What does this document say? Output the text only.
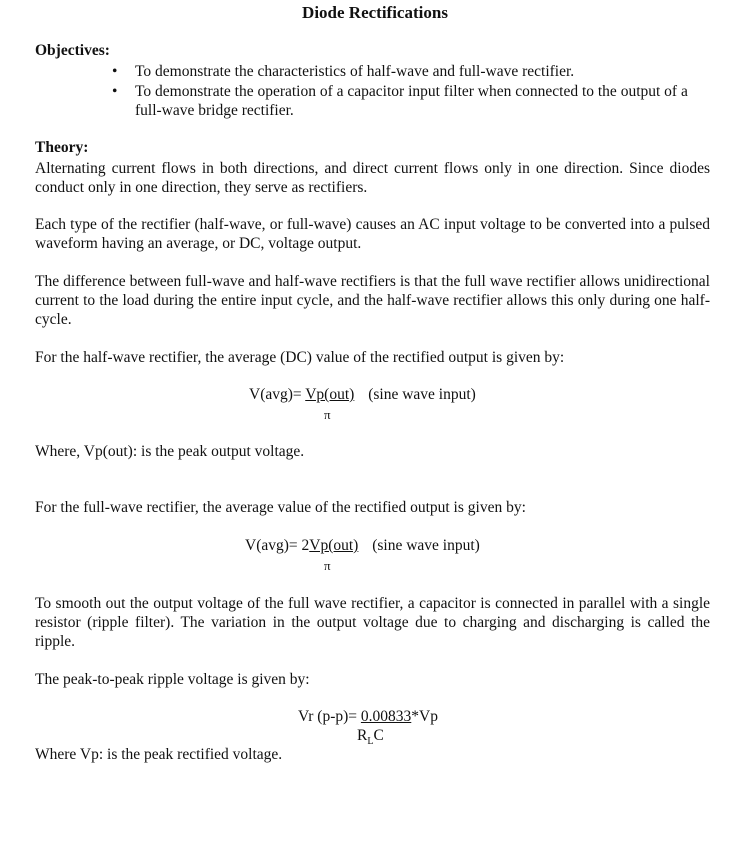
Diode Rectifications
Objectives:
• To demonstrate the characteristics of half-wave and full-wave rectifier.
• To demonstrate the operation of a capacitor input filter when connected to the output of a full-wave bridge rectifier.
Theory:
Alternating current flows in both directions, and direct current flows only in one direction. Since diodes conduct only in one direction, they serve as rectifiers.
Each type of the rectifier (half-wave, or full-wave) causes an AC input voltage to be converted into a pulsed waveform having an average, or DC, voltage output.
The difference between full-wave and half-wave rectifiers is that the full wave rectifier allows unidirectional current to the load during the entire input cycle, and the half-wave rectifier allows this only during one half-cycle.
For the half-wave rectifier, the average (DC) value of the rectified output is given by:
V(avg)= Vp(out) (sine wave input)
π
Where, Vp(out): is the peak output voltage.
For the full-wave rectifier, the average value of the rectified output is given by:
V(avg)= 2Vp(out) (sine wave input)
π
To smooth out the output voltage of the full wave rectifier, a capacitor is connected in parallel with a single resistor (ripple filter). The variation in the output voltage due to charging and discharging is called the ripple.
The peak-to-peak ripple voltage is given by:
Vr (p-p)= 0.00833*Vp
$R_LC$
Where Vp: is the peak rectified voltage.
